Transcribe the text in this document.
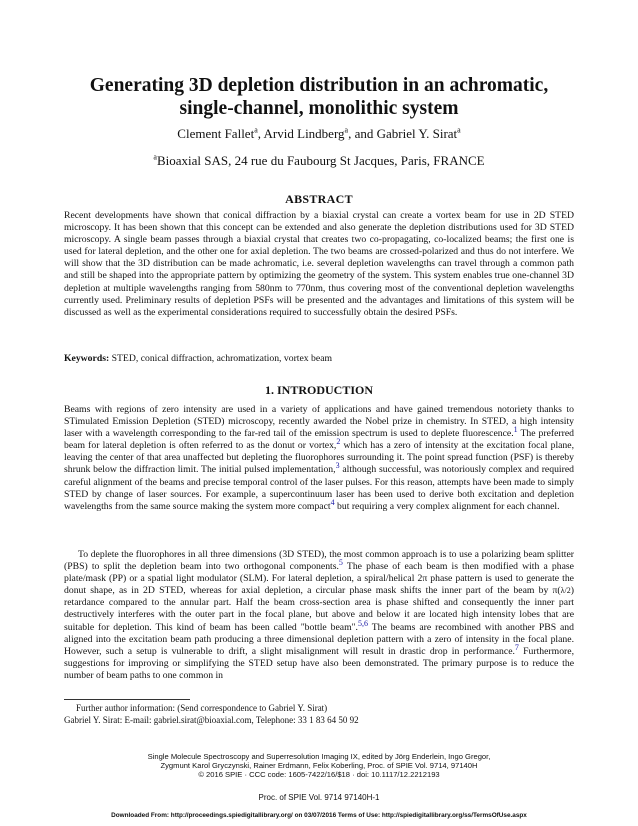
Generating 3D depletion distribution in an achromatic,
single-channel, monolithic system
Clement Fallet$^a$, Arvid Lindberg$^a$, and Gabriel Y. Sirat$^a$
$^a$Bioaxial SAS, 24 rue du Faubourg St Jacques, Paris, FRANCE
ABSTRACT
Recent developments have shown that conical diffraction by a biaxial crystal can create a vortex beam for use in 2D STED microscopy. It has been shown that this concept can be extended and also generate the depletion distributions used for 3D STED microscopy. A single beam passes through a biaxial crystal that creates two co-propagating, co-localized beams; the first one is used for lateral depletion, and the other one for axial depletion. The two beams are crossed-polarized and thus do not interfere. We will show that the 3D distribution can be made achromatic, i.e. several depletion wavelengths can travel through a common path and still be shaped into the appropriate pattern by optimizing the geometry of the system. This system enables true one-channel 3D depletion at multiple wavelengths ranging from 580nm to 770nm, thus covering most of the conventional depletion wavelengths currently used. Preliminary results of depletion PSFs will be presented and the advantages and limitations of this system will be discussed as well as the experimental considerations required to successfully obtain the desired PSFs.
Keywords: STED, conical diffraction, achromatization, vortex beam
1. INTRODUCTION
Beams with regions of zero intensity are used in a variety of applications and have gained tremendous notoriety thanks to STimulated Emission Depletion (STED) microscopy, recently awarded the Nobel prize in chemistry. In STED, a high intensity laser with a wavelength corresponding to the far-red tail of the emission spectrum is used to deplete fluorescence.$^1$ The preferred beam for lateral depletion is often referred to as the donut or vortex,$^2$ which has a zero of intensity at the excitation focal plane, leaving the center of that area unaffected but depleting the fluorophores surrounding it. The point spread function (PSF) is thereby shrunk below the diffraction limit. The initial pulsed implementation,$^3$ although successful, was notoriously complex and required careful alignment of the beams and precise temporal control of the laser pulses. For this reason, attempts have been made to simply STED by change of laser sources. For example, a supercontinuum laser has been used to derive both excitation and depletion wavelengths from the same source making the system more compact$^4$ but requiring a very complex alignment for each channel.
To deplete the fluorophores in all three dimensions (3D STED), the most common approach is to use a polarizing beam splitter (PBS) to split the depletion beam into two orthogonal components.$^5$ The phase of each beam is then modified with a phase plate/mask (PP) or a spatial light modulator (SLM). For lateral depletion, a spiral/helical 2π phase pattern is used to generate the donut shape, as in 2D STED, whereas for axial depletion, a circular phase mask shifts the inner part of the beam by π(λ/2) retardance compared to the annular part. Half the beam cross-section area is phase shifted and consequently the inner part destructively interferes with the outer part in the focal plane, but above and below it are located high intensity lobes that are suitable for depletion. This kind of beam has been called "bottle beam".$^{5,6}$ The beams are recombined with another PBS and aligned into the excitation beam path producing a three dimensional depletion pattern with a zero of intensity in the focal plane. However, such a setup is vulnerable to drift, a slight misalignment will result in drastic drop in performance.$^7$ Furthermore, suggestions for improving or simplifying the STED setup have also been demonstrated. The primary purpose is to reduce the number of beam paths to one common in
Further author information: (Send correspondence to Gabriel Y. Sirat)
Gabriel Y. Sirat: E-mail: gabriel.sirat@bioaxial.com, Telephone: 33 1 83 64 50 92
Single Molecule Spectroscopy and Superresolution Imaging IX, edited by Jörg Enderlein, Ingo Gregor,
Zygmunt Karol Gryczynski, Rainer Erdmann, Felix Koberling, Proc. of SPIE Vol. 9714, 97140H
© 2016 SPIE · CCC code: 1605-7422/16/$18 · doi: 10.1117/12.2212193
Proc. of SPIE Vol. 9714 97140H-1
Downloaded From: http://proceedings.spiedigitallibrary.org/ on 03/07/2016 Terms of Use: http://spiedigitallibrary.org/ss/TermsOfUse.aspx
